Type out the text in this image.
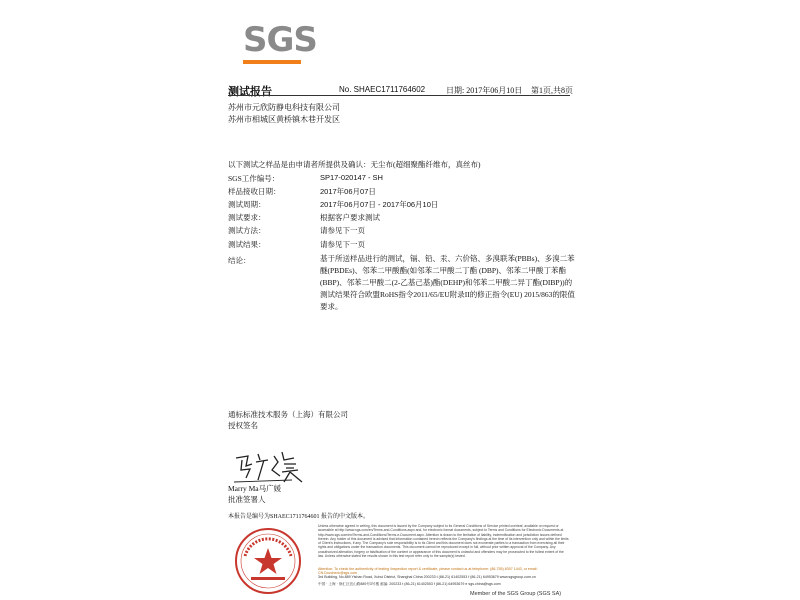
SGS
测试报告	No. SHAEC1711764602	日期: 2017年06月10日 第1页,共8页
苏州市元欣防静电科技有限公司
苏州市相城区黄桥镇木巷开发区
以下测试之样品是由申请者所提供及确认：无尘布(超细聚酯纤维布，真丝布)
SGS工作编号：	SP17-020147 - SH
样品接收日期：	2017年06月07日
测试周期：	2017年06月07日 - 2017年06月10日
测试要求：	根据客户要求测试
测试方法：	请参见下一页
测试结果：	请参见下一页
结论：	基于所送样品进行的测试，镉、铅、汞、六价铬、多溴联苯(PBBs)、多溴二苯醚(PBDEs)、邻苯二甲酸酯(如邻苯二甲酸二丁酯 (DBP)、邻苯二甲酸丁苯酯(BBP)、邻苯二甲酸二(2-乙基己基)酯(DEHP)和邻苯二甲酸二异丁酯(DIBP))的测试结果符合欧盟RoHS指令2011/65/EU附录II的修正指令(EU) 2015/863的限值要求。
通标标准技术服务（上海）有限公司
授权签名
Marry Ma马广媛
批准签署人
本报告是编号为SHAEC1711764601 报告的中文版本。
Unless otherwise agreed in writing, this document is issued by the Company subject to its General Conditions of Service printed overleaf, available on request or accessible at http://www.sgs.com/en/Terms-and-Conditions.aspx and, for electronic format documents, subject to Terms and Conditions for Electronic Documents at http://www.sgs.com/en/Terms-and-Conditions/Terms-e-Document.aspx. Attention is drawn to the limitation of liability, indemnification and jurisdiction issues defined therein. Any holder of this document is advised that information contained hereon reflects the Company's findings at the time of its intervention only and within the limits of Client's instructions, if any. The Company's sole responsibility is to its Client and this document does not exonerate parties to a transaction from exercising all their rights and obligations under the transaction documents. This document cannot be reproduced except in full, without prior written approval of the Company. Any unauthorized alteration, forgery or falsification of the content or appearance of this document is unlawful and offenders may be prosecuted to the fullest extent of the law. Unless otherwise stated the results shown in this test report refer only to the sample(s) tested.
Attention: To check the authenticity of testing /inspection report & certificate, please contact us at telephone: (86-755) 8307 1443, or email: CN.Doccheck@sgs.com
3rd Building, No.889 Yishan Road, Xuhui District, Shanghai China 200233 t (86-21) 61402553 f (86-21) 64953679 www.sgsgroup.com.cn
中国 · 上海 · 徐汇区宜山路889号3号楼 邮编: 200233 t (86-21) 61402553 f (86-21) 64953679 e sgs.china@sgs.com
Member of the SGS Group (SGS SA)
